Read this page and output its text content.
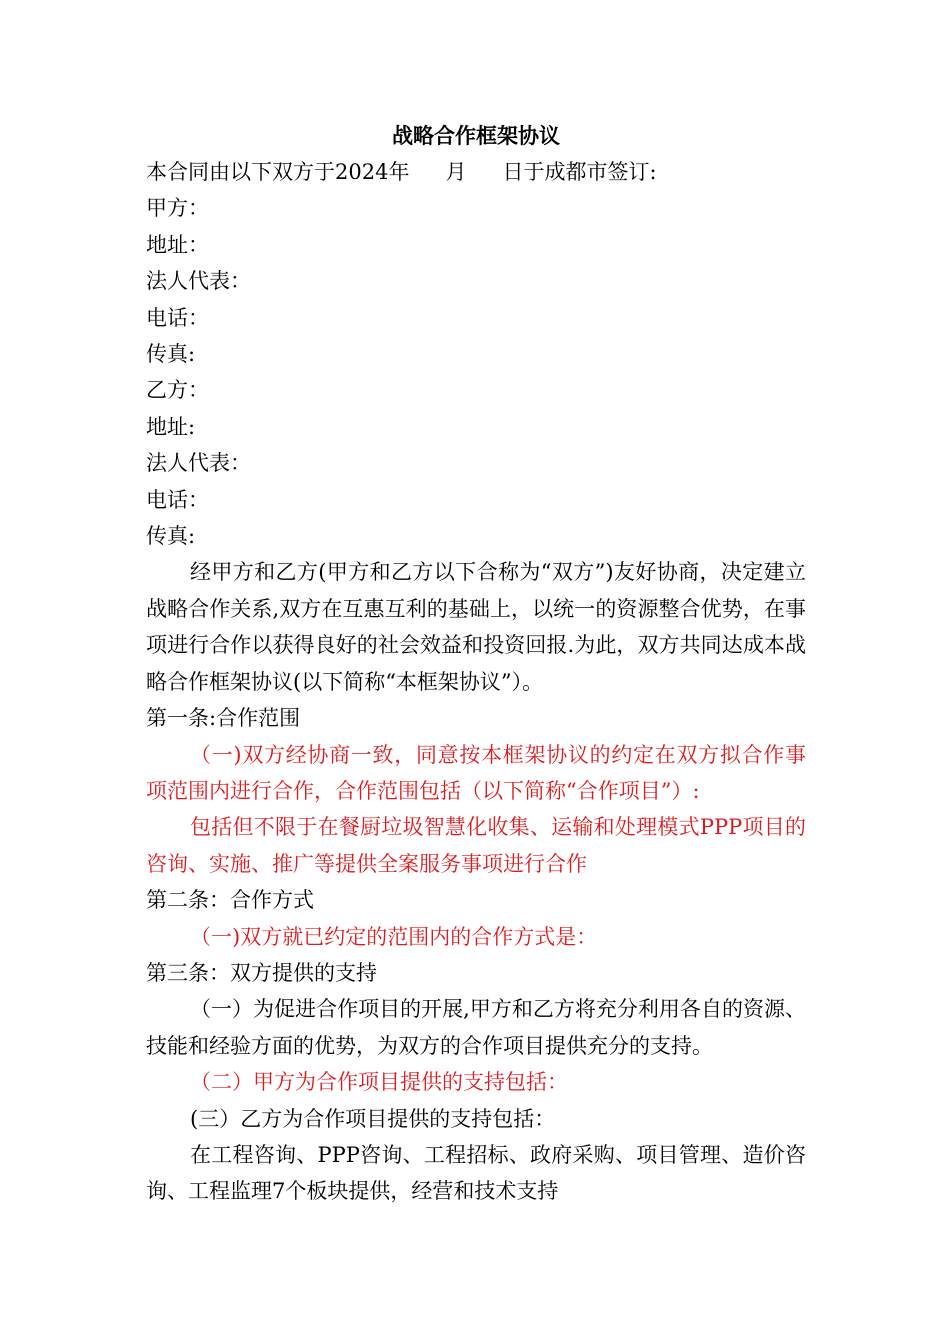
战略合作框架协议
本合同由以下双方于2024年 月 日于成都市签订:
甲方：
地址：
法人代表：
电话：
传真:
乙方：
地址:
法人代表：
电话：
传真:
经甲方和乙方(甲方和乙方以下合称为“双方”)友好协商，决定建立战略合作关系,双方在互惠互利的基础上，以统一的资源整合优势，在事项进行合作以获得良好的社会效益和投资回报.为此，双方共同达成本战略合作框架协议(以下简称“本框架协议”）。
第一条:合作范围
（一)双方经协商一致，同意按本框架协议的约定在双方拟合作事项范围内进行合作，合作范围包括（以下简称“合作项目”）:
包括但不限于在餐厨垃圾智慧化收集、运输和处理模式PPP项目的咨询、实施、推广等提供全案服务事项进行合作
第二条：合作方式
（一)双方就已约定的范围内的合作方式是：
第三条：双方提供的支持
（一）为促进合作项目的开展,甲方和乙方将充分利用各自的资源、技能和经验方面的优势，为双方的合作项目提供充分的支持。
（二）甲方为合作项目提供的支持包括：
(三）乙方为合作项目提供的支持包括：
在工程咨询、PPP咨询、工程招标、政府采购、项目管理、造价咨询、工程监理7个板块提供，经营和技术支持
